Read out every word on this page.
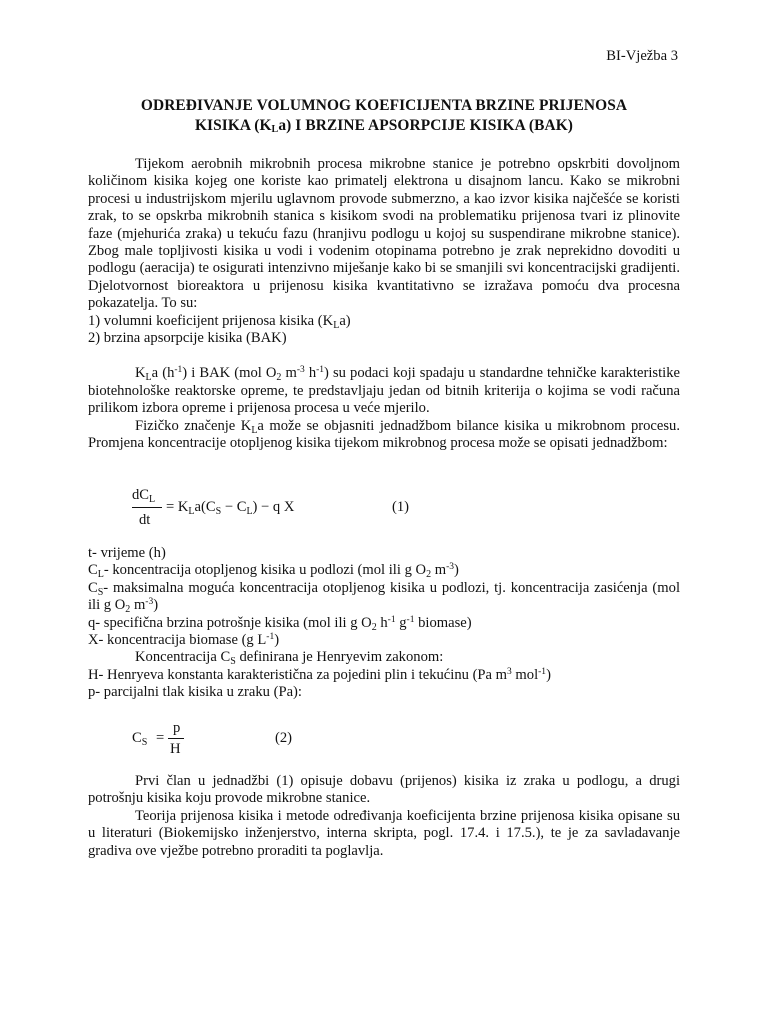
BI-Vježba 3
ODREĐIVANJE VOLUMNOG KOEFICIJENTA BRZINE PRIJENOSA
KISIKA $(K_La)$ I BRZINE APSORPCIJE KISIKA (BAK)

Tijekom aerobnih mikrobnih procesa mikrobne stanice je potrebno opskrbiti dovoljnom količinom kisika kojeg one koriste kao primatelj elektrona u disajnom lancu. Kako se mikrobni procesi u industrijskom mjerilu uglavnom provode submerzno, a kao izvor kisika najčešće se koristi zrak, to se opskrba mikrobnih stanica s kisikom svodi na problematiku prijenosa tvari iz plinovite faze (mjehurića zraka) u tekuću fazu (hranjivu podlogu u kojoj su suspendirane mikrobne stanice). Zbog male topljivosti kisika u vodi i vodenim otopinama potrebno je zrak neprekidno dovoditi u podlogu (aeracija) te osigurati intenzivno miješanje kako bi se smanjili svi koncentracijski gradijenti. Djelotvornost bioreaktora u prijenosu kisika kvantitativno se izražava pomoću dva procesna pokazatelja. To su:

1) volumni koeficijent prijenosa kisika $(K_La)$

2) brzina apsorpcije kisika (BAK)

$K_La$ $(h^{-1})$ i BAK (mol $O_2$ $m^{-3}$ $h^{-1}$) su podaci koji spadaju u standardne tehničke karakteristike biotehnološke reaktorske opreme, te predstavljaju jedan od bitnih kriterija o kojima se vodi računa prilikom izbora opreme i prijenosa procesa u veće mjerilo.

Fizičko značenje $K_La$ može se objasniti jednadžbom bilance kisika u mikrobnom procesu. Promjena koncentracije otopljenog kisika tijekom mikrobnog procesa može se opisati jednadžbom:

$dC_L$
dt
= $K_La(C_S - C_L) - q$ X	(1)

t- vrijeme (h)

$C_L-$ koncentracija otopljenog kisika u podlozi (mol ili g $O_2$ $m^{-3}$)

$C_S-$ maksimalna moguća koncentracija otopljenog kisika u podlozi, tj. koncentracija zasićenja (mol ili g $O_2$ $m^{-3}$)

q- specifična brzina potrošnje kisika (mol ili g $O_2$ $h^{-1}$ $g^{-1}$ biomase)

X- koncentracija biomase (g $L^{-1}$)

Koncentracija $C_S$ definirana je Henryevim zakonom:

H- Henryeva konstanta karakteristična za pojedini plin i tekućinu (Pa $m^3$ mol$^{-1}$)

p- parcijalni tlak kisika u zraku (Pa):

$C_S$ =
p
H
(2)

Prvi član u jednadžbi (1) opisuje dobavu (prijenos) kisika iz zraka u podlogu, a drugi potrošnju kisika koju provode mikrobne stanice.

Teorija prijenosa kisika i metode određivanja koeficijenta brzine prijenosa kisika opisane su u literaturi (Biokemijsko inženjerstvo, interna skripta, pogl. 17.4. i 17.5.), te je za savladavanje gradiva ove vježbe potrebno proraditi ta poglavlja.
